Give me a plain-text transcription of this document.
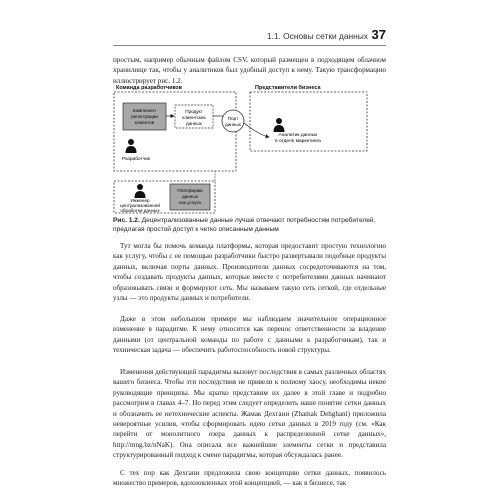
1.1. Основы сетки данных 37

простым, например обычным файлом CSV, который размещен в подходящем облачном хранилище так, чтобы у аналитиков был удобный доступ к нему. Такую трансформацию иллюстрирует рис. 1.2.

Команда разработчиков
Компонент
регистрации
клиентов
Продукт
клиентских
данных
Разработчик
Порт
данных
Представители бизнеса
Аналитик данных
в отделе маркетинга
Инженер
централизованной
обработки данных
Платформа
данных
как услуга

Рис. 1.2. Децентрализованные данные лучше отвечают потребностям потребителей, предлагая простой доступ к четко описанным данным

Тут могла бы помочь команда платформы, которая предоставит простую технологию как услугу, чтобы с ее помощью разработчики быстро развертывали подобные продукты данных, включая порты данных. Производители данных сосредоточиваются на том, чтобы создавать продукты данных, которые вместе с потребителями данных начинают образовывать связи и формируют сеть. Мы называем такую сеть сеткой, где отдельные узлы — это продукты данных и потребители.

Даже в этом небольшом примере мы наблюдаем значительное операционное изменение в парадигме. К нему относится как перенос ответственности за владение данными (от центральной команды по работе с данными к разработчикам), так и техническая задача — обеспечить работоспособность новой структуры.

Изменения действующей парадигмы вызовут последствия в самых различных областях вашего бизнеса. Чтобы эти последствия не привели к полному хаосу, необходимы некие руководящие принципы. Мы кратко представим их далее в этой главе и подробно рассмотрим в главах 4–7. Но перед этим следует определить наше понятие сетки данных и обозначить ее нетехнические аспекты. Жамак Дехгани (Zhamak Dehghani) приложила невероятные усилия, чтобы сформировать идею сетки данных в 2019 году (см. «Как перейти от монолитного озера данных к распределенной сетке данных», http://mng.bz/nNaK). Она описала все важнейшие элементы сетки и представила структурированный подход к смене парадигмы, которая обсуждалась ранее.

С тех пор как Дехгани предложила свою концепцию сетки данных, появилось множество примеров, вдохновленных этой концепцией, — как в бизнесе, так
